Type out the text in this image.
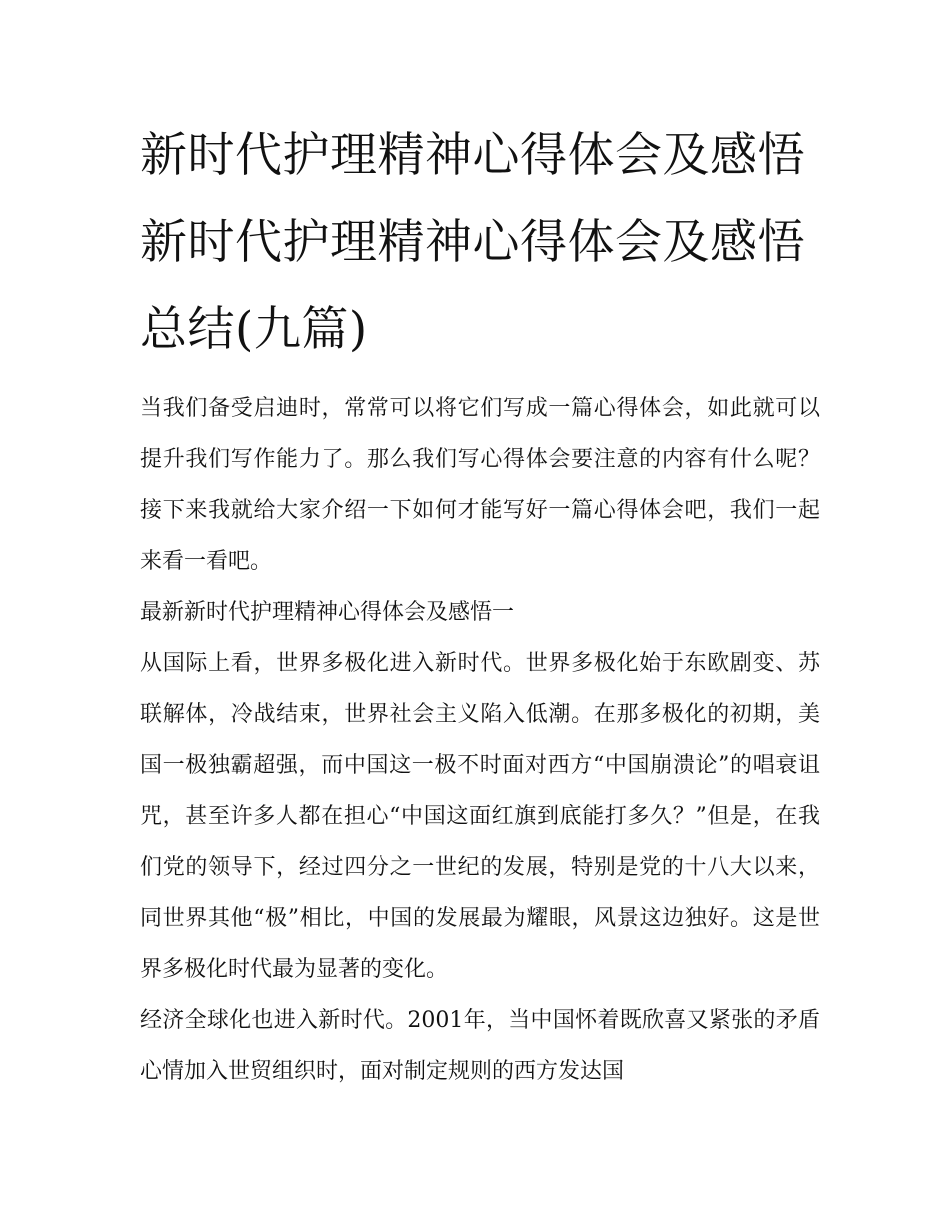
新时代护理精神心得体会及感悟 新时代护理精神心得体会及感悟总结(九篇)

当我们备受启迪时，常常可以将它们写成一篇心得体会，如此就可以提升我们写作能力了。那么我们写心得体会要注意的内容有什么呢？接下来我就给大家介绍一下如何才能写好一篇心得体会吧，我们一起来看一看吧。

最新新时代护理精神心得体会及感悟一

从国际上看，世界多极化进入新时代。世界多极化始于东欧剧变、苏联解体，冷战结束，世界社会主义陷入低潮。在那多极化的初期，美国一极独霸超强，而中国这一极不时面对西方“中国崩溃论”的唱衰诅咒，甚至许多人都在担心“中国这面红旗到底能打多久？”但是，在我们党的领导下，经过四分之一世纪的发展，特别是党的十八大以来，同世界其他“极”相比，中国的发展最为耀眼，风景这边独好。这是世界多极化时代最为显著的变化。

经济全球化也进入新时代。2001年，当中国怀着既欣喜又紧张的矛盾心情加入世贸组织时，面对制定规则的西方发达国
